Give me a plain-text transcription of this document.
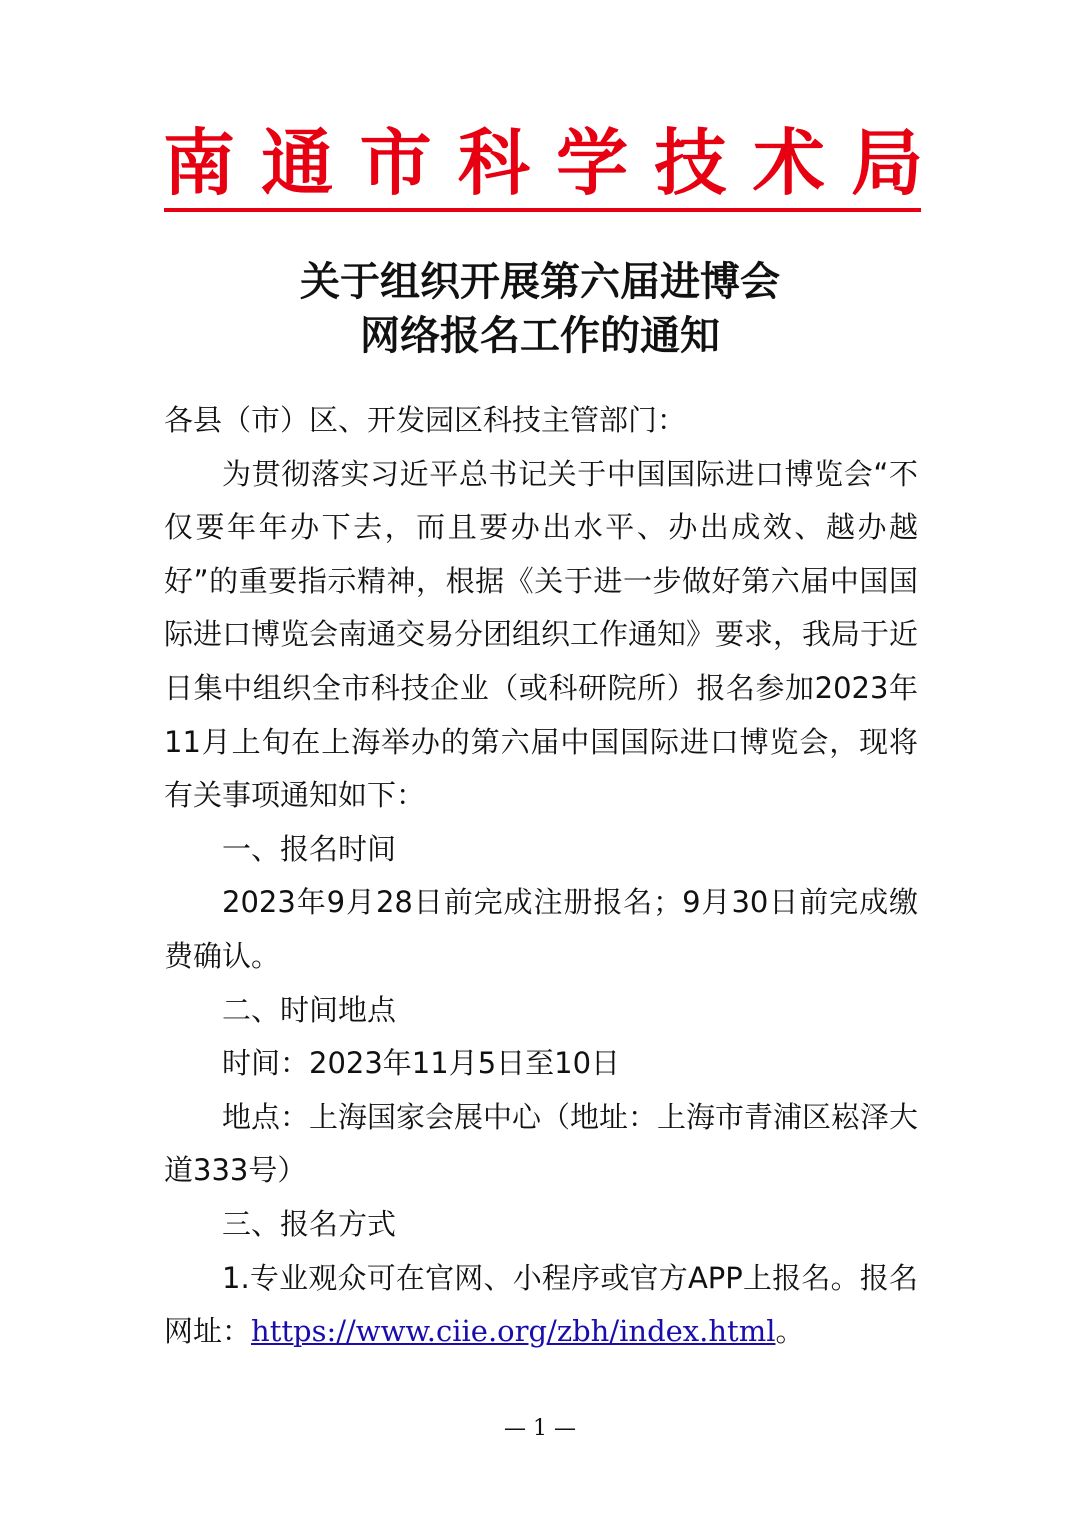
南 通 市 科 学 技 术 局
关于组织开展第六届进博会
网络报名工作的通知

各县（市）区、开发园区科技主管部门：

为贯彻落实习近平总书记关于中国国际进口博览会“不仅要年年办下去，而且要办出水平、办出成效、越办越好”的重要指示精神，根据《关于进一步做好第六届中国国际进口博览会南通交易分团组织工作通知》要求，我局于近日集中组织全市科技企业（或科研院所）报名参加2023年11月上旬在上海举办的第六届中国国际进口博览会，现将有关事项通知如下：

一、报名时间

2023年9月28日前完成注册报名；9月30日前完成缴费确认。

二、时间地点

时间：2023年11月5日至10日

地点：上海国家会展中心（地址：上海市青浦区崧泽大道333号）

三、报名方式

1.专业观众可在官网、小程序或官方APP上报名。报名网址：https://www.ciie.org/zbh/index.html。

— 1 —
